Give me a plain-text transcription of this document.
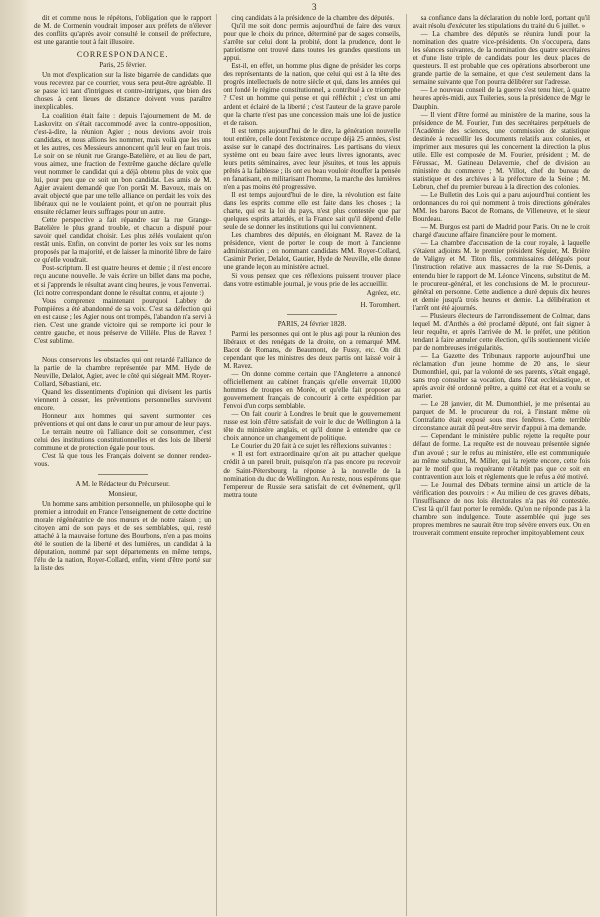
3

dit et comme nous le répétons, l'obligation que le rapport de M. de Cormenin voudrait imposer aux préfets de n'élever des conflits qu'après avoir consulté le conseil de préfecture, est une garantie tout à fait illusoire.

CORRESPONDANCE.

Paris, 25 février.

Un mot d'explication sur la liste bigarrée de candidats que vous recevrez par ce courrier, vous sera peut-être agréable. Il se passe ici tant d'intrigues et contre-intrigues, que bien des choses à cent lieues de distance doivent vous paraître inexplicables.

La coalition était faite : depuis l'ajournement de M. de Laskovitz on s'était raccommodé avec la contre-opposition, c'est-à-dire, la réunion Agier ; nous devions avoir trois candidats, et nous allions les nommer, mais voilà que les uns et les autres, ces Messieurs annoncent qu'il leur en faut trois. Le soir on se réunit rue Grange-Batelière, et au lieu de part, vous aimez, une fraction de l'extrême gauche déclare qu'elle veut nommer le candidat qui a déjà obtenu plus de voix que lui, pour peu que ce soit un bon candidat. Les amis de M. Agier avaient demandé que l'on portât M. Bavoux, mais on avait objecté que par une telle alliance on perdait les voix des libéraux qui ne le voulaient point, et qu'on ne pourrait plus ensuite réclamer leurs suffrages pour un autre.

Cette perspective a fait répandre sur la rue Grange-Batelière le plus grand trouble, et chacun a disputé pour savoir quel candidat choisir. Les plus zélés voulaient qu'on restât unis. Enfin, on convint de porter les voix sur les noms proposés par la majorité, et de laisser la minorité libre de faire ce qu'elle voudrait.

Post-scriptum. Il est quatre heures et demie ; il n'est encore reçu aucune nouvelle. Je vais écrire un billet dans ma poche, et si j'apprends le résultat avant cinq heures, je vous l'enverrai. (Ici notre correspondant donne le résultat connu, et ajoute :)

Vous comprenez maintenant pourquoi Labbey de Pompières a été abandonné de sa voix. C'est sa défection qui en est cause ; les Agier nous ont trompés, l'abandon n'a servi à rien. C'est une grande victoire qui se remporte ici pour le centre gauche, et nous préserve de Villèle. Plus de Ravez ! C'est sublime.

Nous conservons les obstacles qui ont retardé l'alliance de la partie de la chambre représentée par MM. Hyde de Neuville, Delalot, Agier, avec le côté qui siégeait MM. Royer-Collard, Sébastiani, etc.

Quand les dissentiments d'opinion qui divisent les partis viennent à cesser, les préventions personnelles survivent encore.

Honneur aux hommes qui savent surmonter ces préventions et qui ont dans le cœur un pur amour de leur pays.

Le terrain neutre où l'alliance doit se consommer, c'est celui des institutions constitutionnelles et des lois de liberté commune et de protection égale pour tous.

C'est là que tous les Français doivent se donner rendez-vous.

A M. le Rédacteur du Précurseur.

Monsieur,

Un homme sans ambition personnelle, un philosophe qui le premier a introduit en France l'enseignement de cette doctrine morale régénératrice de nos mœurs et de notre raison ; un citoyen ami de son pays et de ses semblables, qui, resté attaché à la mauvaise fortune des Bourbons, n'en a pas moins été le soutien de la liberté et des lumières, un candidat à la députation, nommé par sept départements en même temps, l'élu de la nation, Royer-Collard, enfin, vient d'être porté sur la liste des

cinq candidats à la présidence de la chambre des députés.

Qu'il me soit donc permis aujourd'hui de faire des vœux pour que le choix du prince, déterminé par de sages conseils, s'arrête sur celui dont la probité, dont la prudence, dont le patriotisme ont trouvé dans toutes les grandes questions un appui.

Est-il, en effet, un homme plus digne de présider les corps des représentants de la nation, que celui qui est à la tête des progrès intellectuels de notre siècle et qui, dans les années qui ont fondé le régime constitutionnel, a contribué à ce triomphe ? C'est un homme qui pense et qui réfléchit ; c'est un ami ardent et éclairé de la liberté ; c'est l'auteur de la grave parole que la charte n'est pas une concession mais une loi de justice et de raison.

Il est temps aujourd'hui de le dire, la génération nouvelle tout entière, celle dont l'existence occupe déjà 25 années, s'est assise sur le canapé des doctrinaires. Les partisans du vieux système ont eu beau faire avec leurs livres ignorants, avec leurs petits séminaires, avec leur jésuites, et tous les appuis prêtés à la faiblesse ; ils ont eu beau vouloir étouffer la pensée en fanatisant, en militarisant l'homme, la marche des lumières n'en a pas moins été progressive.

Il est temps aujourd'hui de le dire, la révolution est faite dans les esprits comme elle est faite dans les choses ; la charte, qui est la loi du pays, n'est plus contestée que par quelques esprits attardés, et la France sait qu'il dépend d'elle seule de se donner les institutions qui lui conviennent.

Les chambres des députés, en éloignant M. Ravez de la présidence, vient de porter le coup de mort à l'ancienne administration ; en nommant candidats MM. Royer-Collard, Casimir Perier, Delalot, Gautier, Hyde de Neuville, elle donne une grande leçon au ministère actuel.

Si vous pensez que ces réflexions puissent trouver place dans votre estimable journal, je vous prie de les accueillir.

Agréez, etc.

H. Toromhert.

PARIS, 24 février 1828.

Parmi les personnes qui ont le plus agi pour la réunion des libéraux et des renégats de la droite, on a remarqué MM. Bacot de Romans, de Beaumont, de Fussy, etc. On dit cependant que les ministres des deux partis ont laissé voir à M. Ravez.

— On donne comme certain que l'Angleterre a annoncé officiellement au cabinet français qu'elle enverrait 10,000 hommes de troupes en Morée, et qu'elle fait proposer au gouvernement français de concourir à cette expédition par l'envoi d'un corps semblable.

— On fait courir à Londres le bruit que le gouvernement russe est loin d'être satisfait de voir le duc de Wellington à la tête du ministère anglais, et qu'il donne à entendre que ce choix annonce un changement de politique.

Le Courier du 20 fait à ce sujet les réflexions suivantes :

« Il est fort extraordinaire qu'on ait pu attacher quelque crédit à un pareil bruit, puisqu'on n'a pas encore pu recevoir de Saint-Pétersbourg la réponse à la nouvelle de la nomination du duc de Wellington. Au reste, nous espérons que l'empereur de Russie sera satisfait de cet événement, qu'il mettra toute

sa confiance dans la déclaration du noble lord, portant qu'il avait résolu d'exécuter les stipulations du traité du 6 juillet. »

— La chambre des députés se réunira lundi pour la nomination des quatre vice-présidents. On s'occupera, dans les séances suivantes, de la nomination des quatre secrétaires et d'une liste triple de candidats pour les deux places de questeurs. Il est probable que ces opérations absorberont une grande partie de la semaine, et que c'est seulement dans la semaine suivante que l'on pourra délibérer sur l'adresse.

— Le nouveau conseil de la guerre s'est tenu hier, à quatre heures après-midi, aux Tuileries, sous la présidence de Mgr le Dauphin.

— Il vient d'être formé au ministère de la marine, sous la présidence de M. Fourier, l'un des secrétaires perpétuels de l'Académie des sciences, une commission de statistique destinée à recueillir les documents relatifs aux colonies, et imprimer aux mesures qui les concernent la direction la plus utile. Elle est composée de M. Fourier, président ; M. de Férussac, M. Gatineau Delavernie, chef de division au ministère du commerce ; M. Villot, chef du bureau de statistique et des archives à la préfecture de la Seine ; M. Lebrun, chef du premier bureau à la direction des colonies.

— Le Bulletin des Lois qui a paru aujourd'hui contient les ordonnances du roi qui nomment à trois directions générales MM. les barons Bacot de Romans, de Villeneuve, et le sieur Bourdeau.

— M. Burgos est parti de Madrid pour Paris. On ne le croit chargé d'aucune affaire financière pour le moment.

— La chambre d'accusation de la cour royale, à laquelle s'étaient adjoints M. le premier président Séguier, M. Brière de Valigny et M. Titon fils, commissaires délégués pour l'instruction relative aux massacres de la rue St-Denis, a entendu hier le rapport de M. Léonce Vincens, substitut de M. le procureur-général, et les conclusions de M. le procureur-général en personne. Cette audience a duré depuis dix heures et demie jusqu'à trois heures et demie. La délibération et l'arrêt ont été ajournés.

— Plusieurs électeurs de l'arrondissement de Colmar, dans lequel M. d'Anthès a été proclamé député, ont fait signer à leur requête, et après l'arrivée de M. le préfet, une pétition tendant à faire annuler cette élection, qu'ils soutiennent viciée par de nombreuses irrégularités.

— La Gazette des Tribunaux rapporte aujourd'hui une réclamation d'un jeune homme de 20 ans, le sieur Dumonthiel, qui, par la volonté de ses parents, s'était engagé, sans trop consulter sa vocation, dans l'état ecclésiastique, et après avoir été ordonné prêtre, a quitté cet état et a voulu se marier.

— Le 28 janvier, dit M. Dumonthiel, je me présentai au parquet de M. le procureur du roi, à l'instant même où Contrafatto était exposé sous mes fenêtres. Cette terrible circonstance aurait dû peut-être servir d'appui à ma demande.

— Cependant le ministère public rejette la requête pour défaut de forme. La requête est de nouveau présentée signée d'un avoué ; sur le refus au ministère, elle est communiquée au même substitut, M. Miller, qui la rejette encore, cette fois par le motif que la requérante n'établit pas que ce soit en contravention aux lois et règlements que le refus a été motivé.

— Le Journal des Débats termine ainsi un article de la vérification des pouvoirs : « Au milieu de ces graves débats, l'insuffisance de nos lois électorales n'a pas été contestée. C'est là qu'il faut porter le remède. Qu'on ne réponde pas à la chambre son indulgence. Toute assemblée qui juge ses propres membres ne saurait être trop sévère envers eux. On en trouverait comment ensuite reprocher impitoyablement ceux
